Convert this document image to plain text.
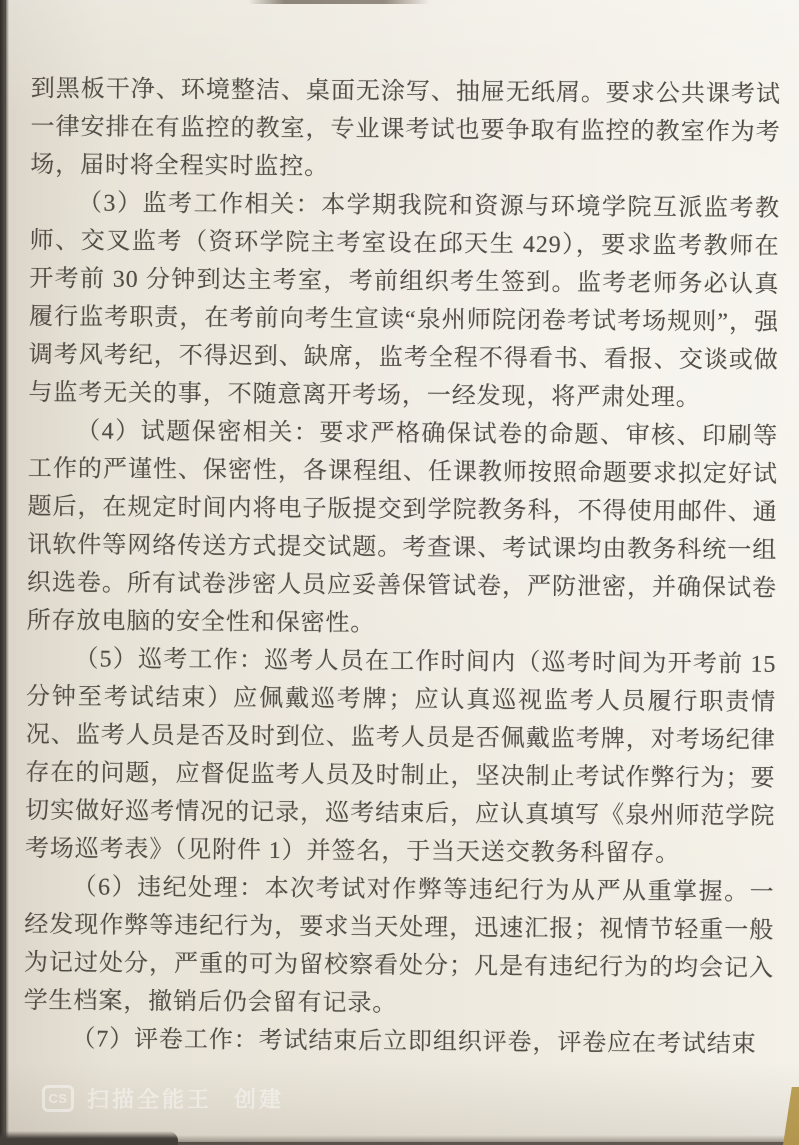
到黑板干净、环境整洁、桌面无涂写、抽屉无纸屑。要求公共课考试一律安排在有监控的教室，专业课考试也要争取有监控的教室作为考场，届时将全程实时监控。

（3）监考工作相关：本学期我院和资源与环境学院互派监考教师、交叉监考（资环学院主考室设在邱天生 429），要求监考教师在开考前 30 分钟到达主考室，考前组织考生签到。监考老师务必认真履行监考职责，在考前向考生宣读“泉州师院闭卷考试考场规则”，强调考风考纪，不得迟到、缺席，监考全程不得看书、看报、交谈或做与监考无关的事，不随意离开考场，一经发现，将严肃处理。

（4）试题保密相关：要求严格确保试卷的命题、审核、印刷等工作的严谨性、保密性，各课程组、任课教师按照命题要求拟定好试题后，在规定时间内将电子版提交到学院教务科，不得使用邮件、通讯软件等网络传送方式提交试题。考查课、考试课均由教务科统一组织选卷。所有试卷涉密人员应妥善保管试卷，严防泄密，并确保试卷所存放电脑的安全性和保密性。

（5）巡考工作：巡考人员在工作时间内（巡考时间为开考前 15 分钟至考试结束）应佩戴巡考牌；应认真巡视监考人员履行职责情况、监考人员是否及时到位、监考人员是否佩戴监考牌，对考场纪律存在的问题，应督促监考人员及时制止，坚决制止考试作弊行为；要切实做好巡考情况的记录，巡考结束后，应认真填写《泉州师范学院考场巡考表》（见附件 1）并签名，于当天送交教务科留存。

（6）违纪处理：本次考试对作弊等违纪行为从严从重掌握。一经发现作弊等违纪行为，要求当天处理，迅速汇报；视情节轻重一般为记过处分，严重的可为留校察看处分；凡是有违纪行为的均会记入学生档案，撤销后仍会留有记录。

（7）评卷工作：考试结束后立即组织评卷，评卷应在考试结束

CS 扫描全能王 创建
